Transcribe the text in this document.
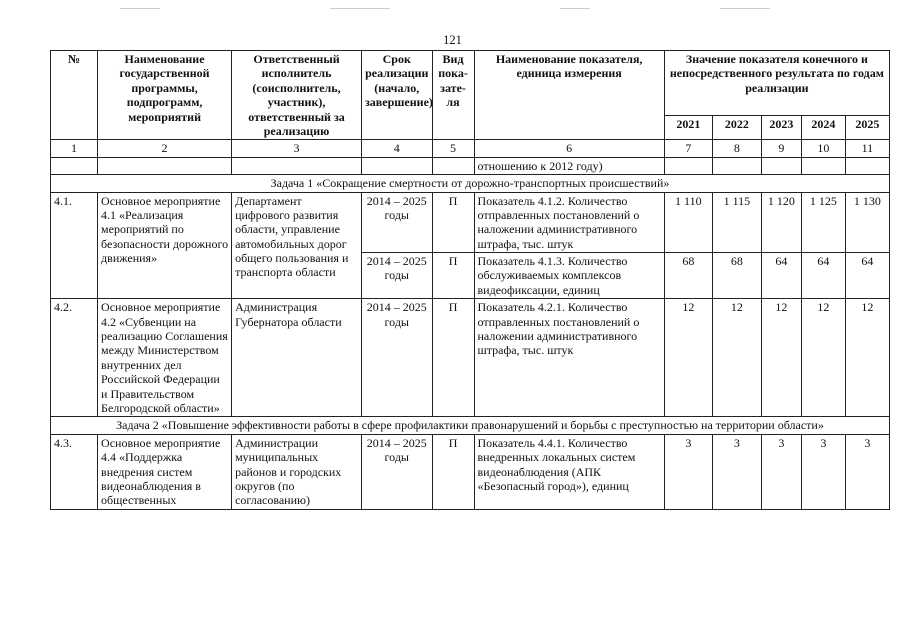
121
№	Наименование государственной программы, подпрограмм, мероприятий	Ответственный исполнитель (соисполнитель, участник), ответственный за реализацию	Срок реализации (начало, завершение)	Вид пока-зате-ля	Наименование показателя, единица измерения	Значение показателя конечного и непосредственного результата по годам реализации				
						2021	2022	2023	2024	2025
1	2	3	4	5	6	7	8	9	10	11
					отношению к 2012 году)					
Задача 1 «Сокращение смертности от дорожно-транспортных происшествий»										
4.1.	Основное мероприятие 4.1 «Реализация мероприятий по безопасности дорожного движения»	Департамент цифрового развития области, управление автомобильных дорог общего пользования и транспорта области	2014 – 2025 годы	П	Показатель 4.1.2. Количество отправленных постановлений о наложении административного штрафа, тыс. штук	1 110	1 115	1 120	1 125	1 130
			2014 – 2025 годы	П	Показатель 4.1.3. Количество обслуживаемых комплексов видеофиксации, единиц	68	68	64	64	64
4.2.	Основное мероприятие 4.2 «Субвенции на реализацию Соглашения между Министерством внутренних дел Российской Федерации и Правительством Белгородской области»	Администрация Губернатора области	2014 – 2025 годы	П	Показатель 4.2.1. Количество отправленных постановлений о наложении административного штрафа, тыс. штук	12	12	12	12	12
Задача 2 «Повышение эффективности работы в сфере профилактики правонарушений и борьбы с преступностью на территории области»										
4.3.	Основное мероприятие 4.4 «Поддержка внедрения систем видеонаблюдения в общественных	Администрации муниципальных районов и городских округов (по согласованию)	2014 – 2025 годы	П	Показатель 4.4.1. Количество внедренных локальных систем видеонаблюдения (АПК «Безопасный город»), единиц	3	3	3	3	3
